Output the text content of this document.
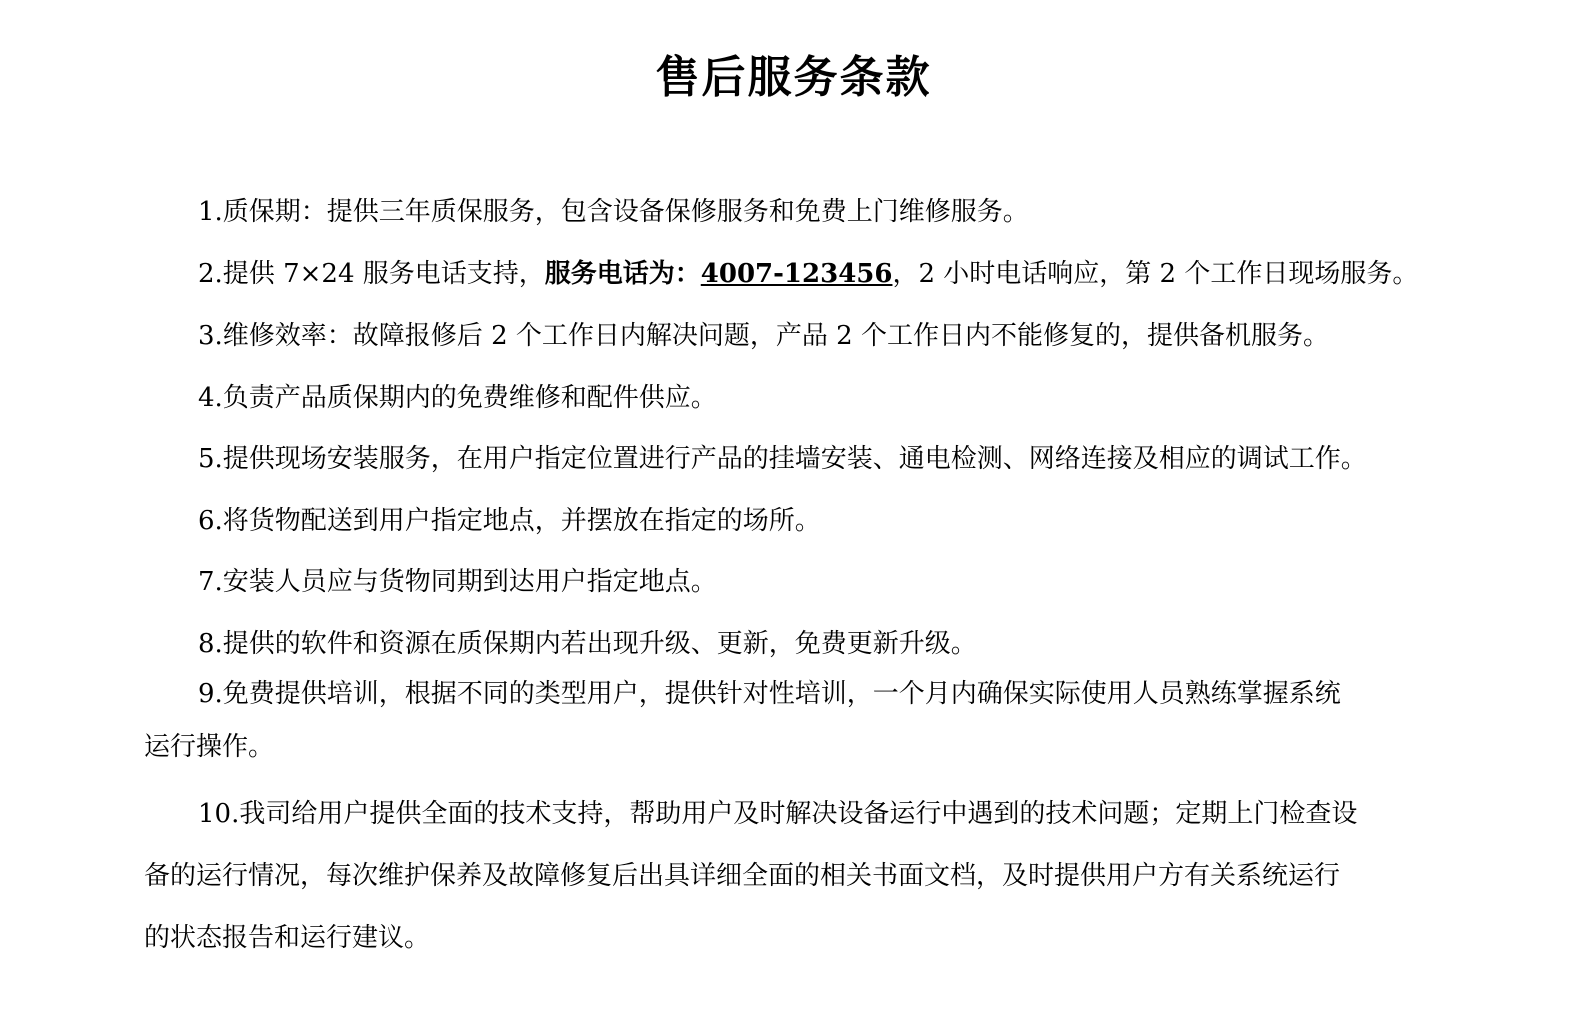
售后服务条款
1.质保期：提供三年质保服务，包含设备保修服务和免费上门维修服务。
2.提供 7×24 服务电话支持，服务电话为：4007-123456，2 小时电话响应，第 2 个工作日现场服务。
3.维修效率：故障报修后 2 个工作日内解决问题，产品 2 个工作日内不能修复的，提供备机服务。
4.负责产品质保期内的免费维修和配件供应。
5.提供现场安装服务，在用户指定位置进行产品的挂墙安装、通电检测、网络连接及相应的调试工作。
6.将货物配送到用户指定地点，并摆放在指定的场所。
7.安装人员应与货物同期到达用户指定地点。
8.提供的软件和资源在质保期内若出现升级、更新，免费更新升级。
9.免费提供培训，根据不同的类型用户，提供针对性培训，一个月内确保实际使用人员熟练掌握系统
运行操作。
10.我司给用户提供全面的技术支持，帮助用户及时解决设备运行中遇到的技术问题；定期上门检查设
备的运行情况，每次维护保养及故障修复后出具详细全面的相关书面文档，及时提供用户方有关系统运行
的状态报告和运行建议。
